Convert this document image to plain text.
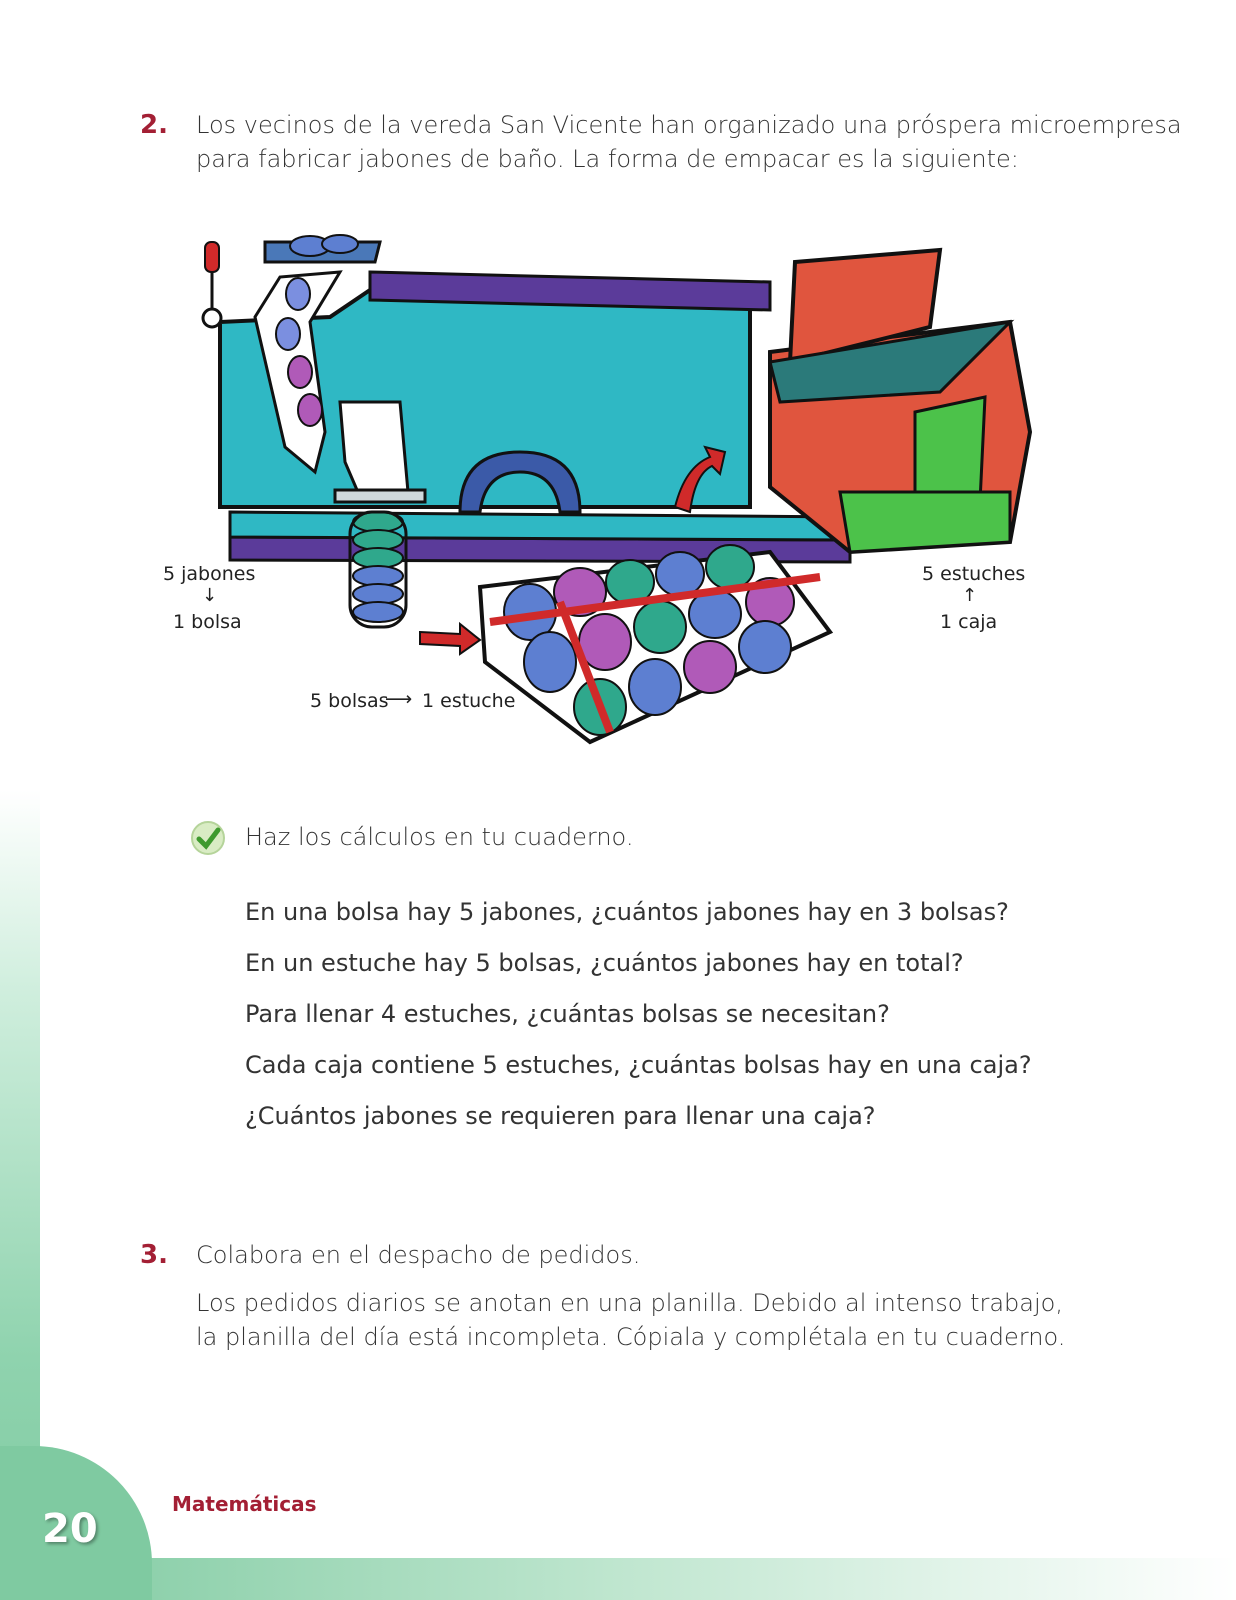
2. Los vecinos de la vereda San Vicente han organizado una próspera microempresa
para fabricar jabones de baño. La forma de empacar es la siguiente:
5 jabones
↓
1 bolsa
5 bolsas
⟶ 1 estuche
5 estuches
↑
1 caja
Haz los cálculos en tu cuaderno.
En una bolsa hay 5 jabones, ¿cuántos jabones hay en 3 bolsas?
En un estuche hay 5 bolsas, ¿cuántos jabones hay en total?
Para llenar 4 estuches, ¿cuántas bolsas se necesitan?
Cada caja contiene 5 estuches, ¿cuántas bolsas hay en una caja?
¿Cuántos jabones se requieren para llenar una caja?
3. Colabora en el despacho de pedidos.
Los pedidos diarios se anotan en una planilla. Debido al intenso trabajo,
la planilla del día está incompleta. Cópiala y complétala en tu cuaderno.
20
Matemáticas
